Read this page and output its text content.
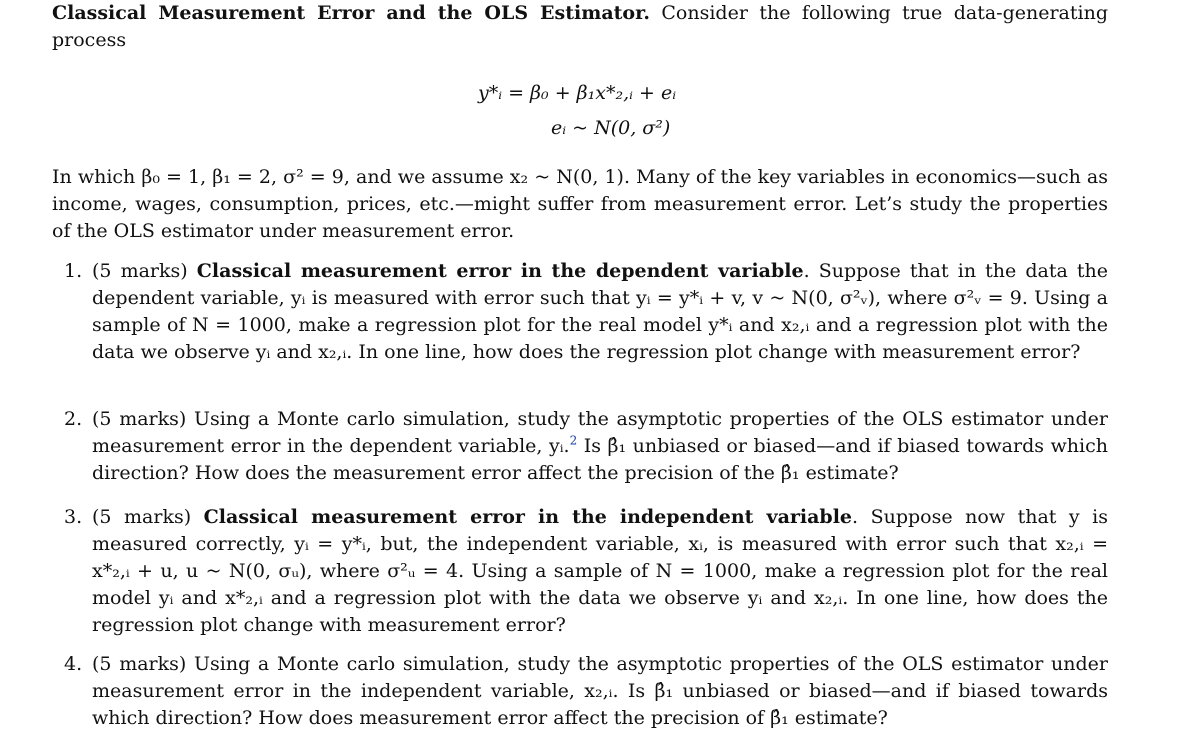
Classical Measurement Error and the OLS Estimator. Consider the following true data-generating process
y*ᵢ = β₀ + β₁x*₂,ᵢ + eᵢ
eᵢ ~ N(0, σ²)
In which β₀ = 1, β₁ = 2, σ² = 9, and we assume x₂ ~ N(0, 1). Many of the key variables in economics—such as income, wages, consumption, prices, etc.—might suffer from measurement error. Let’s study the properties of the OLS estimator under measurement error.
1. (5 marks) Classical measurement error in the dependent variable. Suppose that in the data the dependent variable, yᵢ is measured with error such that yᵢ = y*ᵢ + v, v ~ N(0, σ²ᵥ), where σ²ᵥ = 9. Using a sample of N = 1000, make a regression plot for the real model y*ᵢ and x₂,ᵢ and a regression plot with the data we observe yᵢ and x₂,ᵢ. In one line, how does the regression plot change with measurement error?
2. (5 marks) Using a Monte carlo simulation, study the asymptotic properties of the OLS estimator under measurement error in the dependent variable, yᵢ.$^2$ Is β̂₁ unbiased or biased—and if biased towards which direction? How does the measurement error affect the precision of the β̂₁ estimate?
3. (5 marks) Classical measurement error in the independent variable. Suppose now that y is measured correctly, yᵢ = y*ᵢ, but, the independent variable, xᵢ, is measured with error such that x₂,ᵢ = x*₂,ᵢ + u, u ~ N(0, σᵤ), where σ²ᵤ = 4. Using a sample of N = 1000, make a regression plot for the real model yᵢ and x*₂,ᵢ and a regression plot with the data we observe yᵢ and x₂,ᵢ. In one line, how does the regression plot change with measurement error?
4. (5 marks) Using a Monte carlo simulation, study the asymptotic properties of the OLS estimator under measurement error in the independent variable, x₂,ᵢ. Is β̂₁ unbiased or biased—and if biased towards which direction? How does measurement error affect the precision of β̂₁ estimate?
